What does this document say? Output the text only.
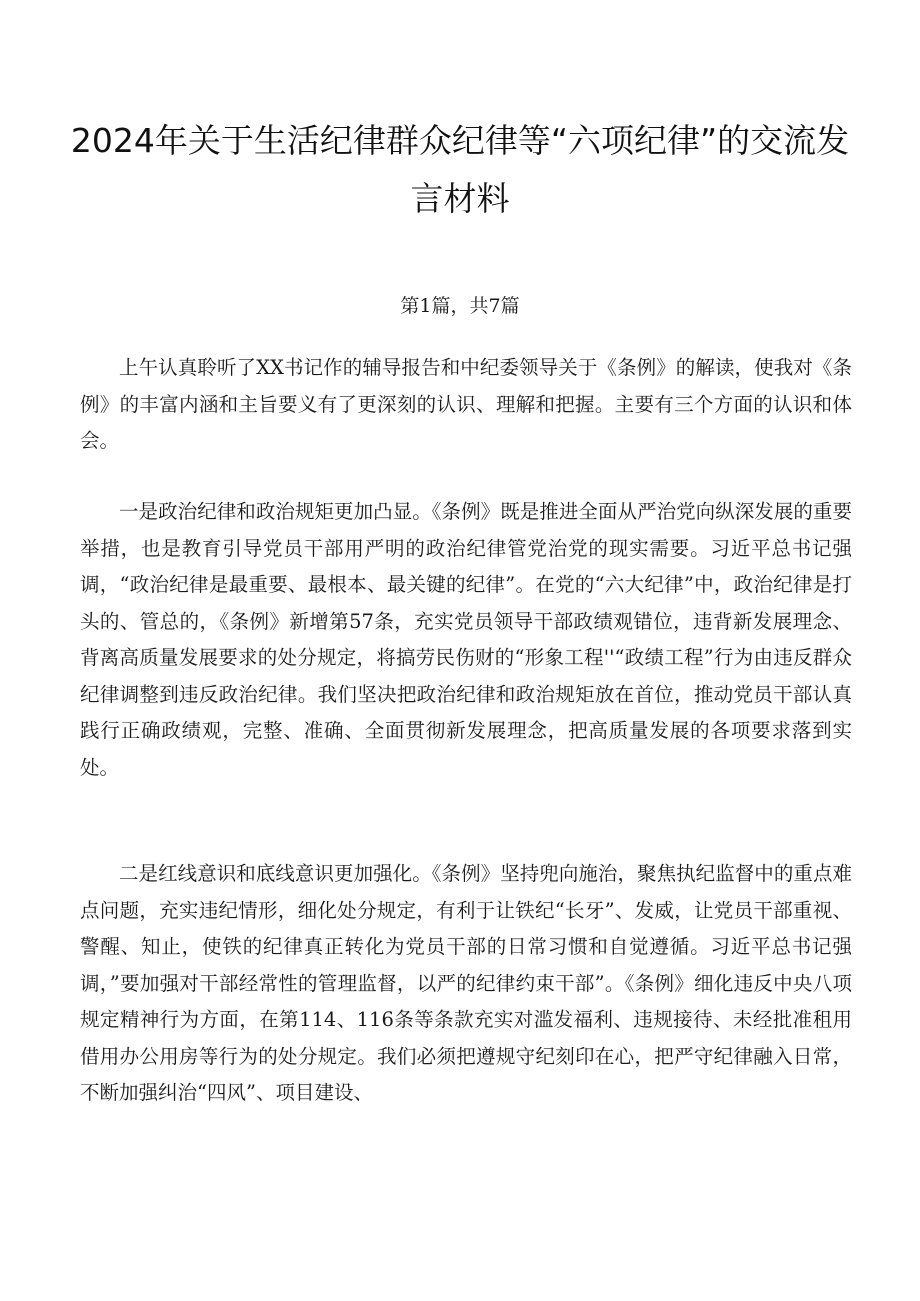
2024年关于生活纪律群众纪律等“六项纪律”的交流发言材料

第1篇，共7篇

上午认真聆听了XX书记作的辅导报告和中纪委领导关于《条例》的解读，使我对《条例》的丰富内涵和主旨要义有了更深刻的认识、理解和把握。主要有三个方面的认识和体会。

一是政治纪律和政治规矩更加凸显。《条例》既是推进全面从严治党向纵深发展的重要举措，也是教育引导党员干部用严明的政治纪律管党治党的现实需要。习近平总书记强调，“政治纪律是最重要、最根本、最关键的纪律”。在党的“六大纪律”中，政治纪律是打头的、管总的，《条例》新增第57条，充实党员领导干部政绩观错位，违背新发展理念、背离高质量发展要求的处分规定，将搞劳民伤财的“形象工程''“政绩工程”行为由违反群众纪律调整到违反政治纪律。我们坚决把政治纪律和政治规矩放在首位，推动党员干部认真践行正确政绩观，完整、准确、全面贯彻新发展理念，把高质量发展的各项要求落到实处。

二是红线意识和底线意识更加强化。《条例》坚持兜向施治，聚焦执纪监督中的重点难点问题，充实违纪情形，细化处分规定，有利于让铁纪“长牙”、发威，让党员干部重视、警醒、知止，使铁的纪律真正转化为党员干部的日常习惯和自觉遵循。习近平总书记强调，”要加强对干部经常性的管理监督，以严的纪律约束干部”。《条例》细化违反中央八项规定精神行为方面，在第114、116条等条款充实对滥发福利、违规接待、未经批准租用借用办公用房等行为的处分规定。我们必须把遵规守纪刻印在心，把严守纪律融入日常，不断加强纠治“四风”、项目建设、
